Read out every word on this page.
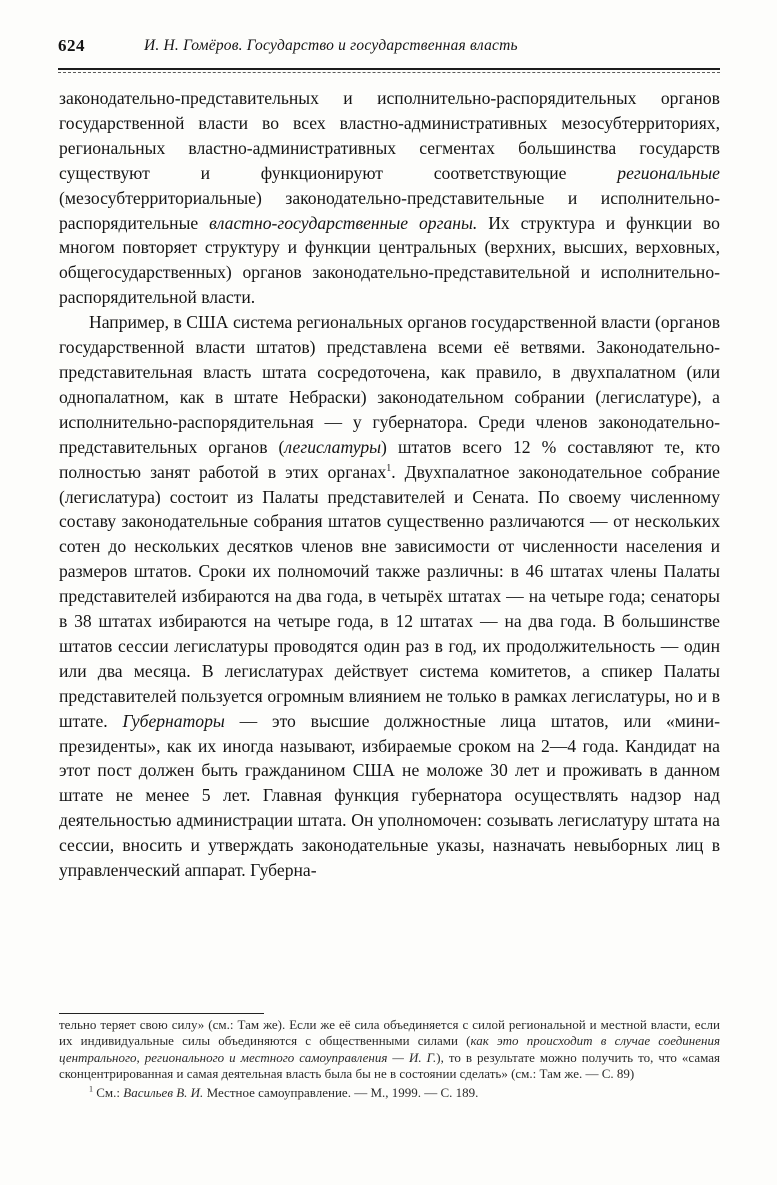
624	И. Н. Гомёров. Государство и государственная власть

законодательно-представительных и исполнительно-распорядительных органов государственной власти во всех властно-административных мезосубтерриториях, региональных властно-административных сегментах большинства государств существуют и функционируют соответствующие региональные (мезосубтерриториальные) законодательно-представительные и исполнительно-распорядительные властно-государственные органы. Их структура и функции во многом повторяет структуру и функции центральных (верхних, высших, верховных, общегосударственных) органов законодательно-представительной и исполнительно-распорядительной власти.

Например, в США система региональных органов государственной власти (органов государственной власти штатов) представлена всеми её ветвями. Законодательно-представительная власть штата сосредоточена, как правило, в двухпалатном (или однопалатном, как в штате Небраски) законодательном собрании (легислатуре), а исполнительно-распорядительная — у губернатора. Среди членов законодательно-представительных органов (легислатуры) штатов всего 12 % составляют те, кто полностью занят работой в этих органах$^1$. Двухпалатное законодательное собрание (легислатура) состоит из Палаты представителей и Сената. По своему численному составу законодательные собрания штатов существенно различаются — от нескольких сотен до нескольких десятков членов вне зависимости от численности населения и размеров штатов. Сроки их полномочий также различны: в 46 штатах члены Палаты представителей избираются на два года, в четырёх штатах — на четыре года; сенаторы в 38 штатах избираются на четыре года, в 12 штатах — на два года. В большинстве штатов сессии легислатуры проводятся один раз в год, их продолжительность — один или два месяца. В легислатурах действует система комитетов, а спикер Палаты представителей пользуется огромным влиянием не только в рамках легислатуры, но и в штате. Губернаторы — это высшие должностные лица штатов, или «мини-президенты», как их иногда называют, избираемые сроком на 2—4 года. Кандидат на этот пост должен быть гражданином США не моложе 30 лет и проживать в данном штате не менее 5 лет. Главная функция губернатора осуществлять надзор над деятельностью администрации штата. Он уполномочен: созывать легислатуру штата на сессии, вносить и утверждать законодательные указы, назначать невыборных лиц в управленческий аппарат. Губерна-

тельно теряет свою силу» (см.: Там же). Если же её сила объединяется с силой региональной и местной власти, если их индивидуальные силы объединяются с общественными силами (как это происходит в случае соединения центрального, регионального и местного самоуправления — И. Г.), то в результате можно получить то, что «самая сконцентрированная и самая деятельная власть была бы не в состоянии сделать» (см.: Там же. — С. 89)

$^1$ См.: Васильев В. И. Местное самоуправление. — М., 1999. — С. 189.
